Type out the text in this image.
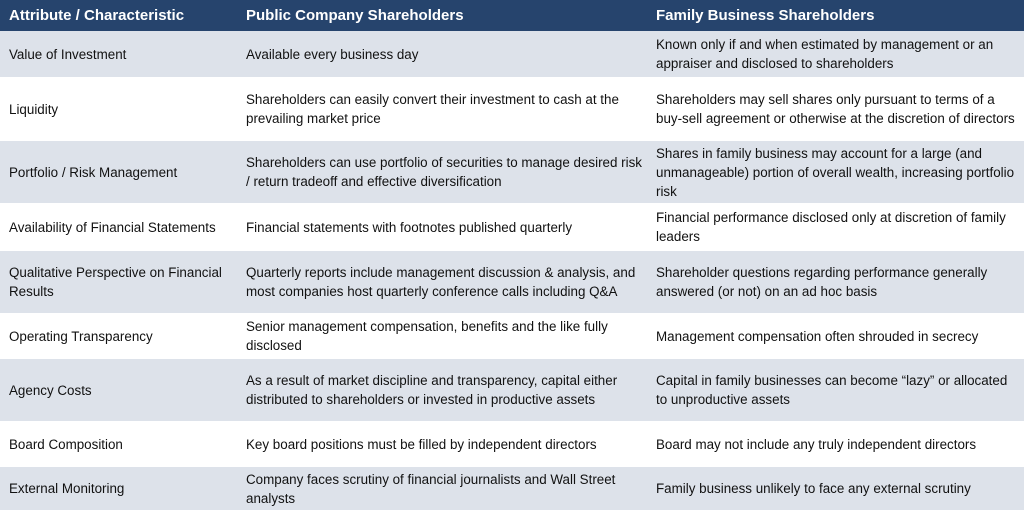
Attribute / Characteristic	Public Company Shareholders	Family Business Shareholders
Value of Investment	Available every business day	Known only if and when estimated by management or an appraiser and disclosed to shareholders
Liquidity	Shareholders can easily convert their investment to cash at the prevailing market price	Shareholders may sell shares only pursuant to terms of a buy-sell agreement or otherwise at the discretion of directors
Portfolio / Risk Management	Shareholders can use portfolio of securities to manage desired risk / return tradeoff and effective diversification	Shares in family business may account for a large (and unmanageable) portion of overall wealth, increasing portfolio risk
Availability of Financial Statements	Financial statements with footnotes published quarterly	Financial performance disclosed only at discretion of family leaders
Qualitative Perspective on Financial Results	Quarterly reports include management discussion & analysis, and most companies host quarterly conference calls including Q&A	Shareholder questions regarding performance generally answered (or not) on an ad hoc basis
Operating Transparency	Senior management compensation, benefits and the like fully disclosed	Management compensation often shrouded in secrecy
Agency Costs	As a result of market discipline and transparency, capital either distributed to shareholders or invested in productive assets	Capital in family businesses can become “lazy” or allocated to unproductive assets
Board Composition	Key board positions must be filled by independent directors	Board may not include any truly independent directors
External Monitoring	Company faces scrutiny of financial journalists and Wall Street analysts	Family business unlikely to face any external scrutiny
